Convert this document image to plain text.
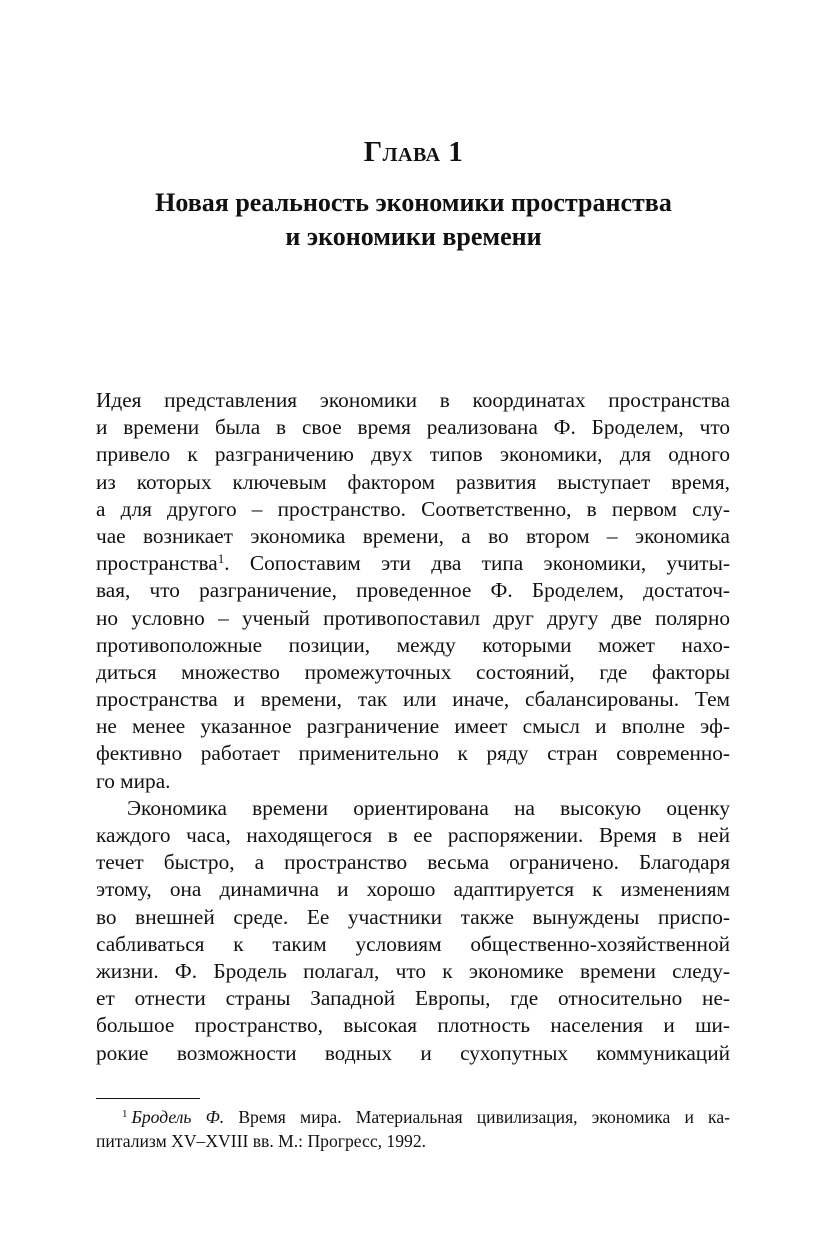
Глава 1
Новая реальность экономики пространства
и экономики времени
Идея представления экономики в координатах пространства
и времени была в свое время реализована Ф. Броделем, что
привело к разграничению двух типов экономики, для одного
из которых ключевым фактором развития выступает время,
а для другого – пространство. Соответственно, в первом слу-
чае возникает экономика времени, а во втором – экономика
пространства$^1$. Сопоставим эти два типа экономики, учиты-
вая, что разграничение, проведенное Ф. Броделем, достаточ-
но условно – ученый противопоставил друг другу две полярно
противоположные позиции, между которыми может нахо-
диться множество промежуточных состояний, где факторы
пространства и времени, так или иначе, сбалансированы. Тем
не менее указанное разграничение имеет смысл и вполне эф-
фективно работает применительно к ряду стран современно-
го мира.
Экономика времени ориентирована на высокую оценку
каждого часа, находящегося в ее распоряжении. Время в ней
течет быстро, а пространство весьма ограничено. Благодаря
этому, она динамична и хорошо адаптируется к изменениям
во внешней среде. Ее участники также вынуждены приспо-
сабливаться к таким условиям общественно-хозяйственной
жизни. Ф. Бродель полагал, что к экономике времени следу-
ет отнести страны Западной Европы, где относительно не-
большое пространство, высокая плотность населения и ши-
рокие возможности водных и сухопутных коммуникаций
$^1$ Бродель Ф. Время мира. Материальная цивилизация, экономика и ка-
питализм XV–XVIII вв. М.: Прогресс, 1992.
